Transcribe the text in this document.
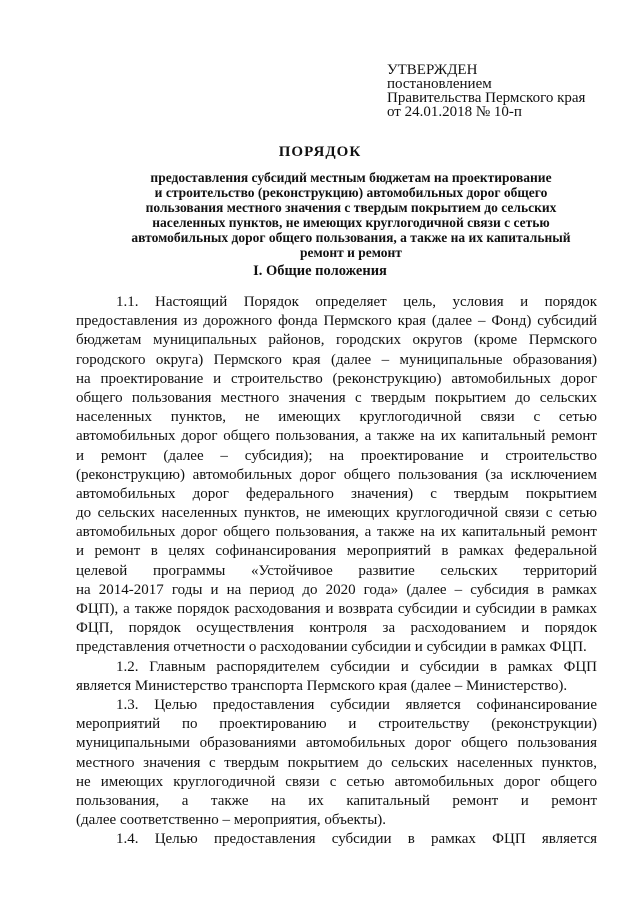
УТВЕРЖДЕН
постановлением
Правительства Пермского края
от 24.01.2018 № 10-п
ПОРЯДОК
предоставления субсидий местным бюджетам на проектирование
и строительство (реконструкцию) автомобильных дорог общего
пользования местного значения с твердым покрытием до сельских
населенных пунктов, не имеющих круглогодичной связи с сетью
автомобильных дорог общего пользования, а также на их капитальный
ремонт и ремонт
I. Общие положения
1.1. Настоящий Порядок определяет цель, условия и порядок
предоставления из дорожного фонда Пермского края (далее – Фонд) субсидий
бюджетам муниципальных районов, городских округов (кроме Пермского
городского округа) Пермского края (далее – муниципальные образования)
на проектирование и строительство (реконструкцию) автомобильных дорог
общего пользования местного значения с твердым покрытием до сельских
населенных пунктов, не имеющих круглогодичной связи с сетью
автомобильных дорог общего пользования, а также на их капитальный ремонт
и ремонт (далее – субсидия); на проектирование и строительство
(реконструкцию) автомобильных дорог общего пользования (за исключением
автомобильных дорог федерального значения) с твердым покрытием
до сельских населенных пунктов, не имеющих круглогодичной связи с сетью
автомобильных дорог общего пользования, а также на их капитальный ремонт
и ремонт в целях софинансирования мероприятий в рамках федеральной
целевой программы «Устойчивое развитие сельских территорий
на 2014-2017 годы и на период до 2020 года» (далее – субсидия в рамках
ФЦП), а также порядок расходования и возврата субсидии и субсидии в рамках
ФЦП, порядок осуществления контроля за расходованием и порядок
представления отчетности о расходовании субсидии и субсидии в рамках ФЦП.
1.2. Главным распорядителем субсидии и субсидии в рамках ФЦП
является Министерство транспорта Пермского края (далее – Министерство).
1.3. Целью предоставления субсидии является софинансирование
мероприятий по проектированию и строительству (реконструкции)
муниципальными образованиями автомобильных дорог общего пользования
местного значения с твердым покрытием до сельских населенных пунктов,
не имеющих круглогодичной связи с сетью автомобильных дорог общего
пользования, а также на их капитальный ремонт и ремонт
(далее соответственно – мероприятия, объекты).
1.4. Целью предоставления субсидии в рамках ФЦП является
